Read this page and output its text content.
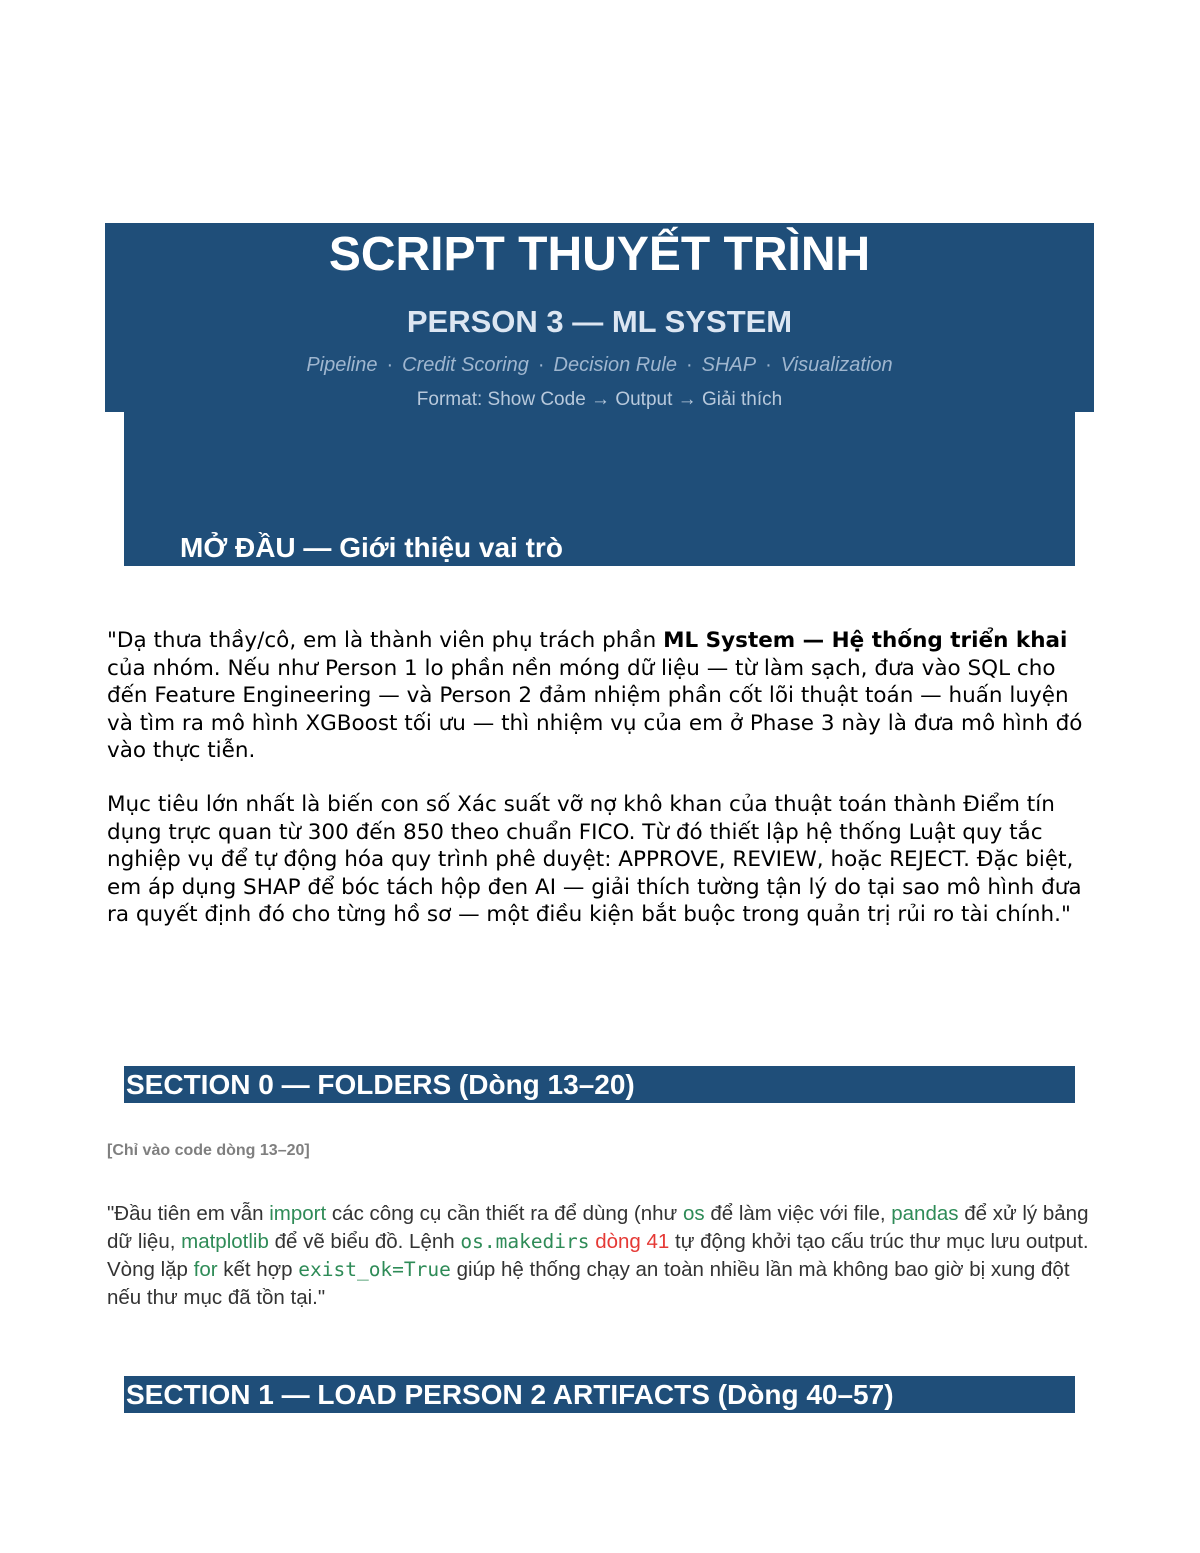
SCRIPT THUYẾT TRÌNH
PERSON 3 — ML SYSTEM
Pipeline · Credit Scoring · Decision Rule · SHAP · Visualization
Format: Show Code → Output → Giải thích
MỞ ĐẦU — Giới thiệu vai trò

"Dạ thưa thầy/cô, em là thành viên phụ trách phần ML System — Hệ thống triển khai của nhóm. Nếu như Person 1 lo phần nền móng dữ liệu — từ làm sạch, đưa vào SQL cho đến Feature Engineering — và Person 2 đảm nhiệm phần cốt lõi thuật toán — huấn luyện và tìm ra mô hình XGBoost tối ưu — thì nhiệm vụ của em ở Phase 3 này là đưa mô hình đó vào thực tiễn.

Mục tiêu lớn nhất là biến con số Xác suất vỡ nợ khô khan của thuật toán thành Điểm tín dụng trực quan từ 300 đến 850 theo chuẩn FICO. Từ đó thiết lập hệ thống Luật quy tắc nghiệp vụ để tự động hóa quy trình phê duyệt: APPROVE, REVIEW, hoặc REJECT. Đặc biệt, em áp dụng SHAP để bóc tách hộp đen AI — giải thích tường tận lý do tại sao mô hình đưa ra quyết định đó cho từng hồ sơ — một điều kiện bắt buộc trong quản trị rủi ro tài chính."

SECTION 0 — FOLDERS (Dòng 13–20)

[Chỉ vào code dòng 13–20]

"Đầu tiên em vẫn import các công cụ cần thiết ra để dùng (như os để làm việc với file, pandas để xử lý bảng dữ liệu, matplotlib để vẽ biểu đồ. Lệnh os.makedirs dòng 41 tự động khởi tạo cấu trúc thư mục lưu output. Vòng lặp for kết hợp exist_ok=True giúp hệ thống chạy an toàn nhiều lần mà không bao giờ bị xung đột nếu thư mục đã tồn tại."

SECTION 1 — LOAD PERSON 2 ARTIFACTS (Dòng 40–57)
